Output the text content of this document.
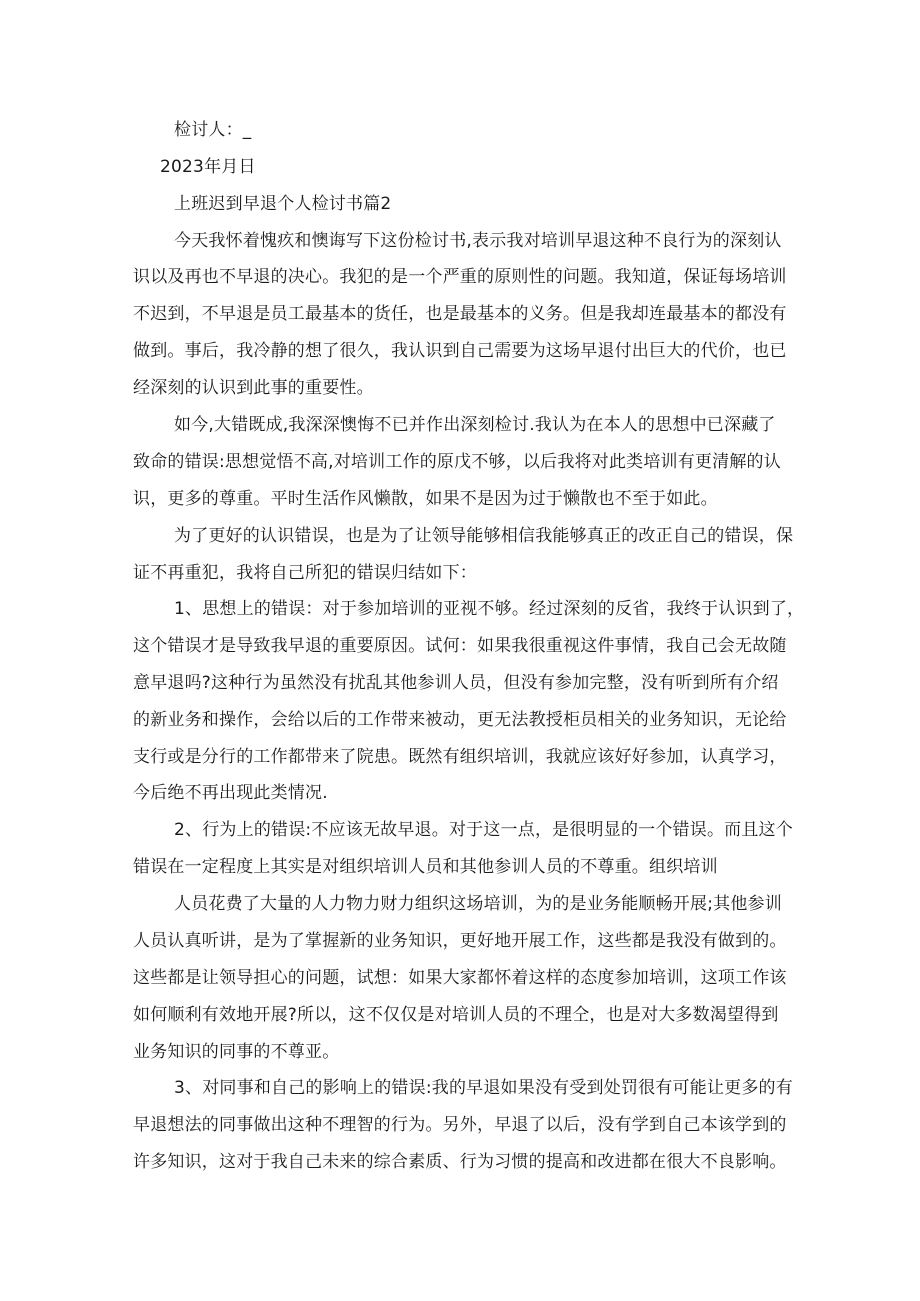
检讨人：_
2023年月日
上班迟到早退个人检讨书篇2
今天我怀着愧疚和懊诲写下这份检讨书,表示我对培训早退这种不良行为的深刻认
识以及再也不早退的决心。我犯的是一个严重的原则性的问题。我知道，保证每场培训
不迟到，不早退是员工最基本的货任，也是最基本的义务。但是我却连最基本的都没有
做到。事后，我冷静的想了很久，我认识到自己需要为这场早退付出巨大的代价，也已
经深刻的认识到此事的重要性。
如今,大错既成,我深深懊悔不已并作出深刻检讨.我认为在本人的思想中已深藏了
致命的错误:思想觉悟不高,对培训工作的原戊不够，以后我将对此类培训有更清解的认
识，更多的尊重。平时生活作风懒散，如果不是因为过于懒散也不至于如此。
为了更好的认识错误，也是为了让领导能够相信我能够真正的改正自己的错误，保
证不再重犯，我将自己所犯的错误归结如下：
1、思想上的错误：对于参加培训的亚视不够。经过深刻的反省，我终于认识到了，
这个错误才是导致我早退的重要原因。试何：如果我很重视这件事情，我自己会无故随
意早退吗?这种行为虽然没有扰乱其他参训人员，但没有参加完整，没有听到所有介绍
的新业务和操作，会给以后的工作带来被动，更无法教授柜员相关的业务知识，无论给
支行或是分行的工作都带来了院患。既然有组织培训，我就应该好好参加，认真学习，
今后绝不再出现此类情况.
2、行为上的错误:不应该无故早退。对于这一点，是很明显的一个错误。而且这个
错误在一定程度上其实是对组织培训人员和其他参训人员的不尊重。组织培训
人员花费了大量的人力物力财力组织这场培训，为的是业务能顺畅开展;其他参训
人员认真听讲，是为了掌握新的业务知识，更好地开展工作，这些都是我没有做到的。
这些都是让领导担心的问题，试想：如果大家都怀着这样的态度参加培训，这项工作该
如何顺利有效地开展?所以，这不仅仅是对培训人员的不理仝，也是对大多数渴望得到
业务知识的同事的不尊亚。
3、对同事和自己的影响上的错误:我的早退如果没有受到处罚很有可能让更多的有
早退想法的同事做出这种不理智的行为。另外，早退了以后，没有学到自己本该学到的
许多知识，这对于我自己未来的综合素质、行为习惯的提高和改进都在很大不良影响。
